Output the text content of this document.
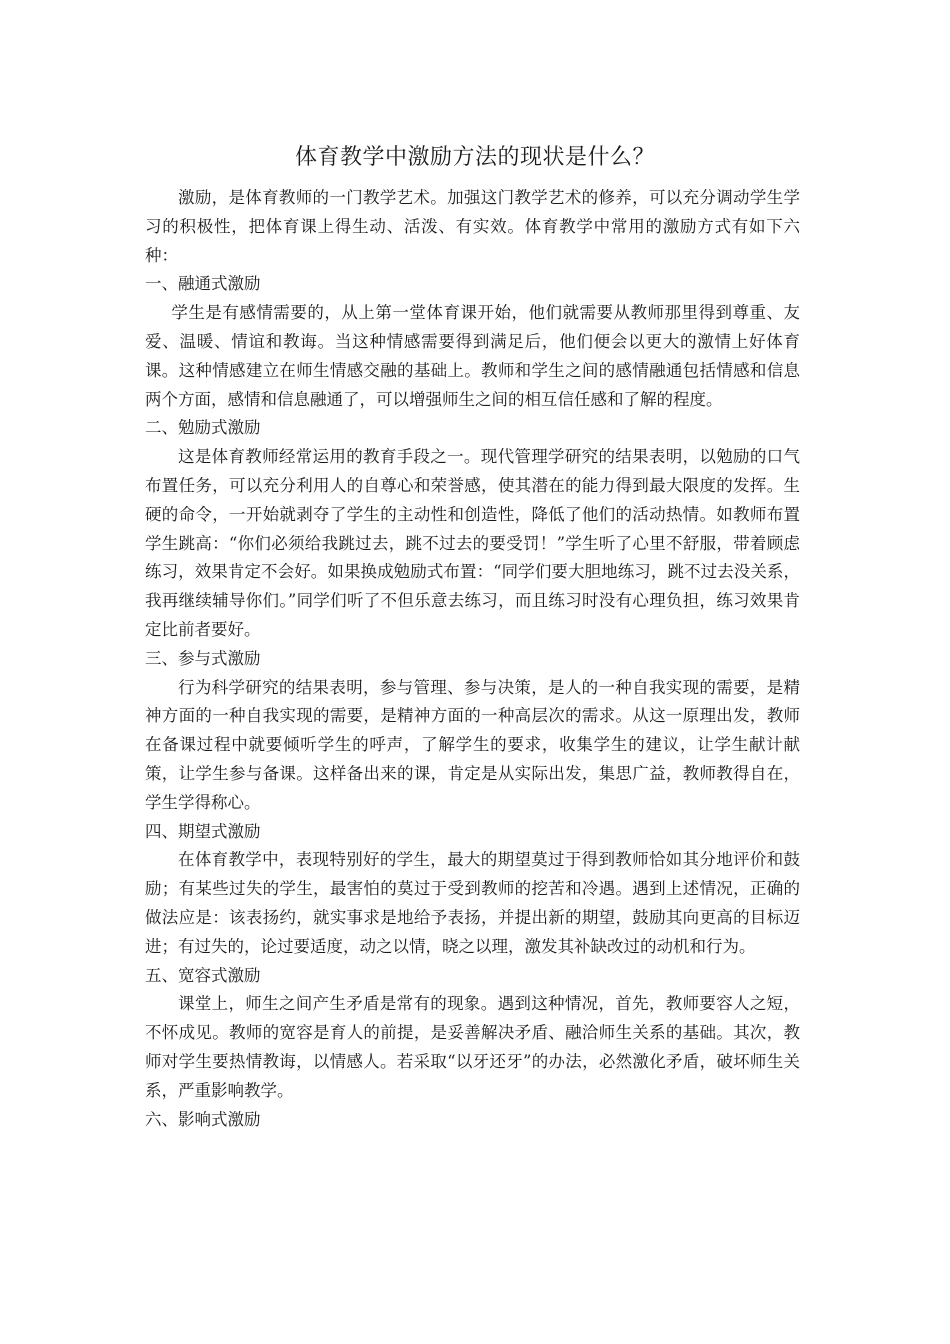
体育教学中激励方法的现状是什么？

激励，是体育教师的一门教学艺术。加强这门教学艺术的修养，可以充分调动学生学习的积极性，把体育课上得生动、活泼、有实效。体育教学中常用的激励方式有如下六种：

一、融通式激励

学生是有感情需要的，从上第一堂体育课开始，他们就需要从教师那里得到尊重、友爱、温暖、情谊和教诲。当这种情感需要得到满足后，他们便会以更大的激情上好体育课。这种情感建立在师生情感交融的基础上。教师和学生之间的感情融通包括情感和信息两个方面，感情和信息融通了，可以增强师生之间的相互信任感和了解的程度。

二、勉励式激励

这是体育教师经常运用的教育手段之一。现代管理学研究的结果表明，以勉励的口气布置任务，可以充分利用人的自尊心和荣誉感，使其潜在的能力得到最大限度的发挥。生硬的命令，一开始就剥夺了学生的主动性和创造性，降低了他们的活动热情。如教师布置学生跳高：“你们必须给我跳过去，跳不过去的要受罚！”学生听了心里不舒服，带着顾虑练习，效果肯定不会好。如果换成勉励式布置：“同学们要大胆地练习，跳不过去没关系，我再继续辅导你们。”同学们听了不但乐意去练习，而且练习时没有心理负担，练习效果肯定比前者要好。

三、参与式激励

行为科学研究的结果表明，参与管理、参与决策，是人的一种自我实现的需要，是精神方面的一种自我实现的需要，是精神方面的一种高层次的需求。从这一原理出发，教师在备课过程中就要倾听学生的呼声，了解学生的要求，收集学生的建议，让学生献计献策，让学生参与备课。这样备出来的课，肯定是从实际出发，集思广益，教师教得自在，学生学得称心。

四、期望式激励

在体育教学中，表现特别好的学生，最大的期望莫过于得到教师恰如其分地评价和鼓励；有某些过失的学生，最害怕的莫过于受到教师的挖苦和冷遇。遇到上述情况，正确的做法应是：该表扬约，就实事求是地给予表扬，并提出新的期望，鼓励其向更高的目标迈进；有过失的，论过要适度，动之以情，晓之以理，激发其补缺改过的动机和行为。

五、宽容式激励

课堂上，师生之间产生矛盾是常有的现象。遇到这种情况，首先，教师要容人之短，不怀成见。教师的宽容是育人的前提，是妥善解决矛盾、融洽师生关系的基础。其次，教师对学生要热情教诲，以情感人。若采取“以牙还牙”的办法，必然激化矛盾，破坏师生关系，严重影响教学。

六、影响式激励
